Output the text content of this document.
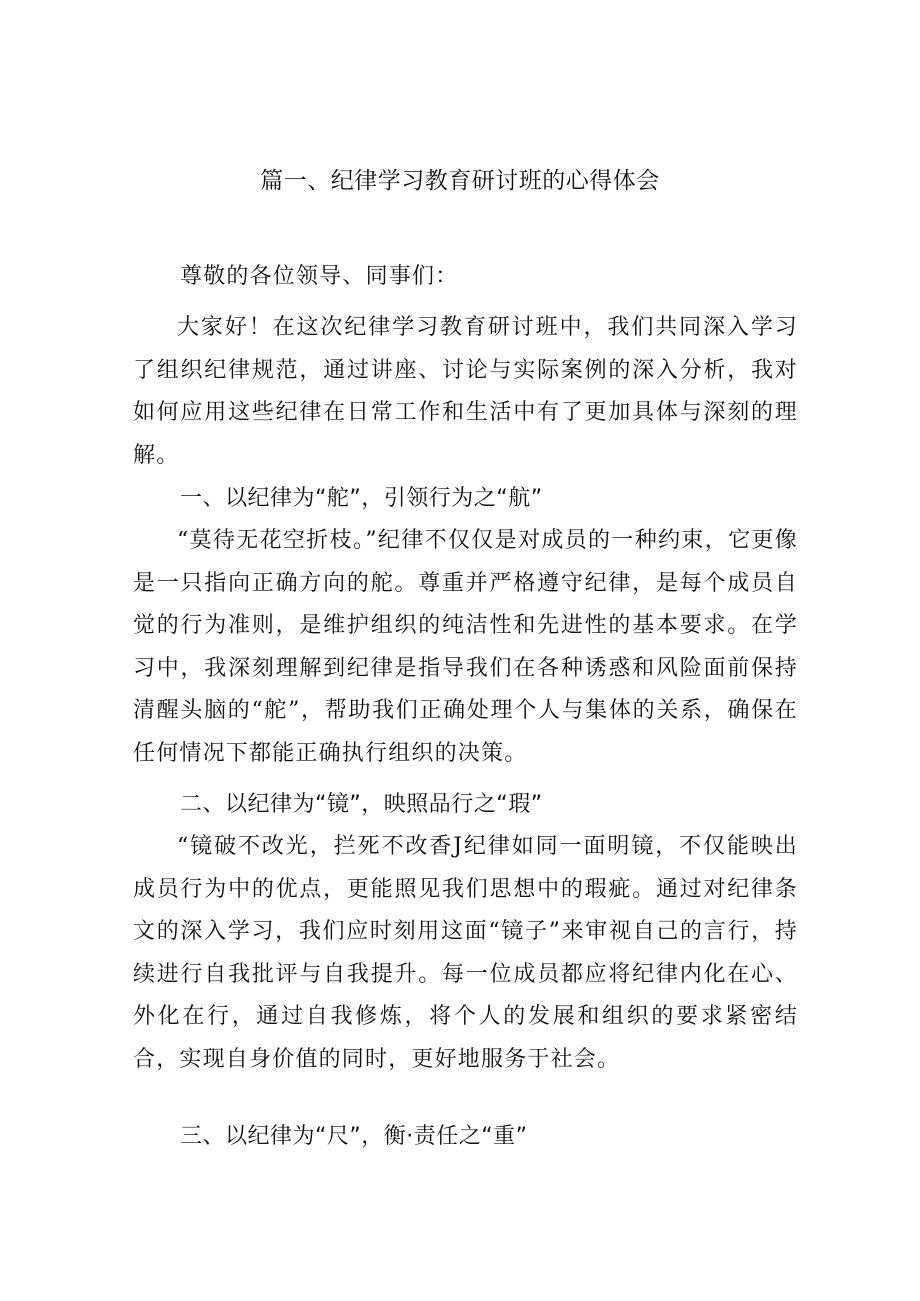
篇一、纪律学习教育研讨班的心得体会
尊敬的各位领导、同事们：
大家好！在这次纪律学习教育研讨班中，我们共同深入学习了组织纪律规范，通过讲座、讨论与实际案例的深入分析，我对如何应用这些纪律在日常工作和生活中有了更加具体与深刻的理解。
一、以纪律为“舵”，引领行为之“航”
“莫待无花空折枝。”纪律不仅仅是对成员的一种约束，它更像是一只指向正确方向的舵。尊重并严格遵守纪律，是每个成员自觉的行为准则，是维护组织的纯洁性和先进性的基本要求。在学习中，我深刻理解到纪律是指导我们在各种诱惑和风险面前保持清醒头脑的“舵”，帮助我们正确处理个人与集体的关系，确保在任何情况下都能正确执行组织的决策。
二、以纪律为“镜”，映照品行之“瑕”
“镜破不改光，拦死不改香J纪律如同一面明镜，不仅能映出成员行为中的优点，更能照见我们思想中的瑕疵。通过对纪律条文的深入学习，我们应时刻用这面“镜子”来审视自己的言行，持续进行自我批评与自我提升。每一位成员都应将纪律内化在心、外化在行，通过自我修炼，将个人的发展和组织的要求紧密结合，实现自身价值的同时，更好地服务于社会。
三、以纪律为“尺”，衡·责任之“重”
